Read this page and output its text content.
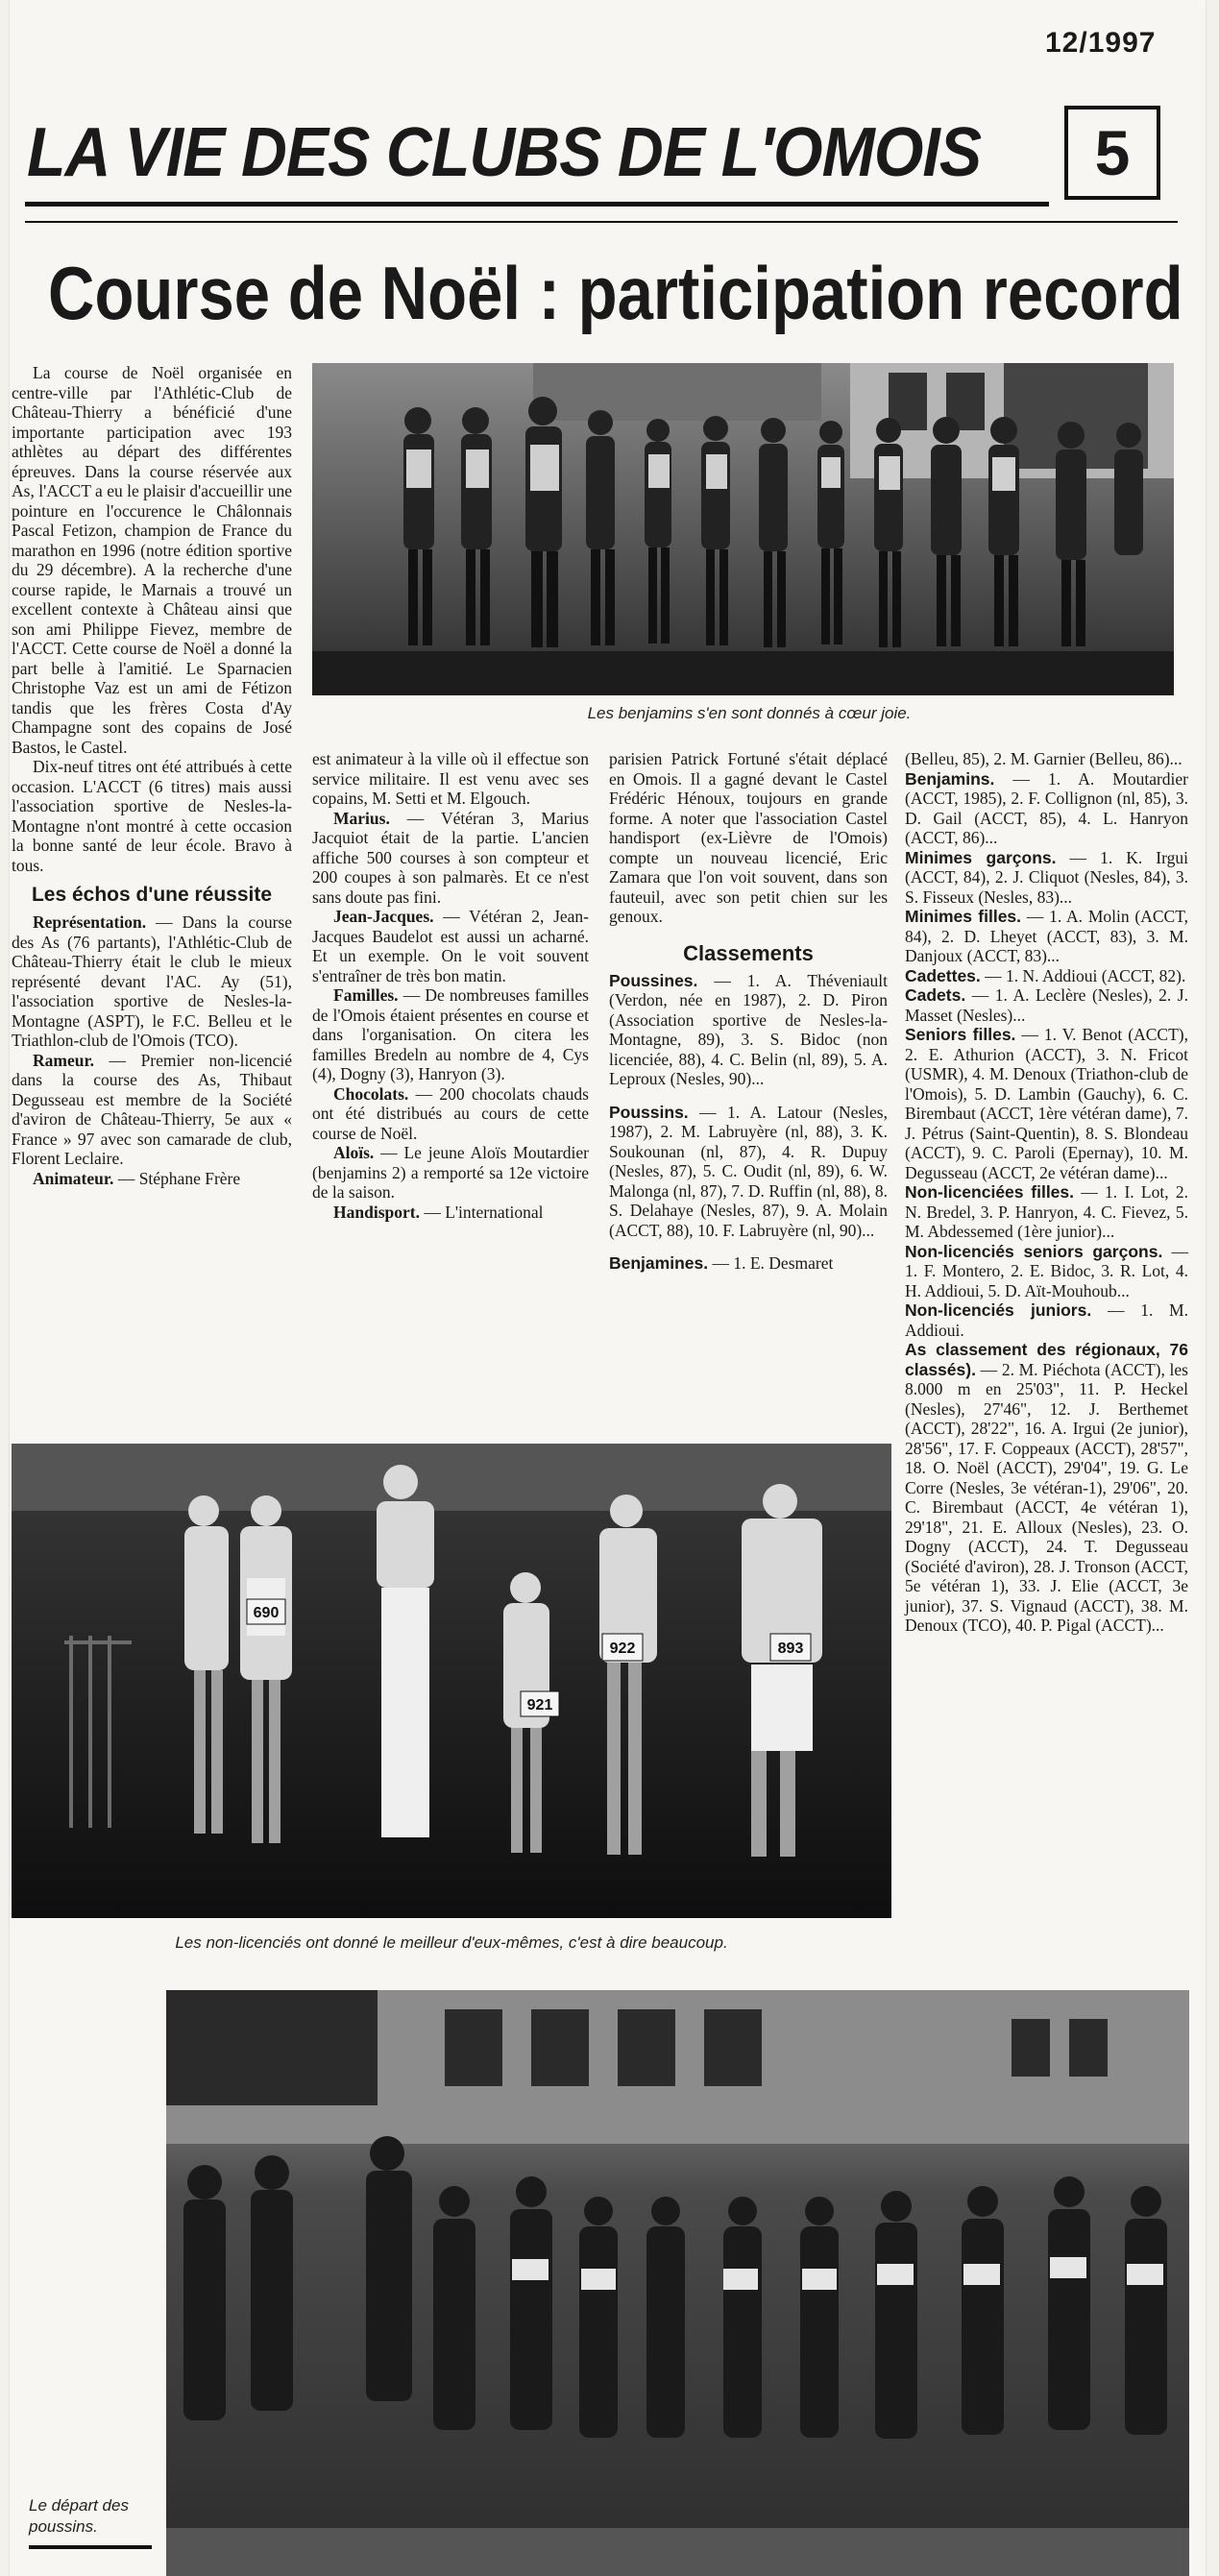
12/1997
LA VIE DES CLUBS DE L'OMOIS	5
Course de Noël : participation record
Les benjamins s'en sont donnés à cœur joie.

La course de Noël organisée en centre-ville par l'Athlétic-Club de Château-Thierry a bénéficié d'une importante participation avec 193 athlètes au départ des différentes épreuves. Dans la course réservée aux As, l'ACCT a eu le plaisir d'accueillir une pointure en l'occurence le Châlonnais Pascal Fetizon, champion de France du marathon en 1996 (notre édition sportive du 29 décembre). A la recherche d'une course rapide, le Marnais a trouvé un excellent contexte à Château ainsi que son ami Philippe Fievez, membre de l'ACCT. Cette course de Noël a donné la part belle à l'amitié. Le Sparnacien Christophe Vaz est un ami de Fétizon tandis que les frères Costa d'Ay Champagne sont des copains de José Bastos, le Castel.

Dix-neuf titres ont été attribués à cette occasion. L'ACCT (6 titres) mais aussi l'association sportive de Nesles-la-Montagne n'ont montré à cette occasion la bonne santé de leur école. Bravo à tous.

Les échos d'une réussite

Représentation. — Dans la course des As (76 partants), l'Athlétic-Club de Château-Thierry était le club le mieux représenté devant l'AC. Ay (51), l'association sportive de Nesles-la-Montagne (ASPT), le F.C. Belleu et le Triathlon-club de l'Omois (TCO).

Rameur. — Premier non-licencié dans la course des As, Thibaut Degusseau est membre de la Société d'aviron de Château-Thierry, 5e aux « France » 97 avec son camarade de club, Florent Leclaire.

Animateur. — Stéphane Frère

est animateur à la ville où il effectue son service militaire. Il est venu avec ses copains, M. Setti et M. Elgouch.

Marius. — Vétéran 3, Marius Jacquiot était de la partie. L'ancien affiche 500 courses à son compteur et 200 coupes à son palmarès. Et ce n'est sans doute pas fini.

Jean-Jacques. — Vétéran 2, Jean-Jacques Baudelot est aussi un acharné. Et un exemple. On le voit souvent s'entraîner de très bon matin.

Familles. — De nombreuses familles de l'Omois étaient présentes en course et dans l'organisation. On citera les familles Bredeln au nombre de 4, Cys (4), Dogny (3), Hanryon (3).

Chocolats. — 200 chocolats chauds ont été distribués au cours de cette course de Noël.

Aloïs. — Le jeune Aloïs Moutardier (benjamins 2) a remporté sa 12e victoire de la saison.

Handisport. — L'international

parisien Patrick Fortuné s'était déplacé en Omois. Il a gagné devant le Castel Frédéric Hénoux, toujours en grande forme. A noter que l'association Castel handisport (ex-Lièvre de l'Omois) compte un nouveau licencié, Eric Zamara que l'on voit souvent, dans son fauteuil, avec son petit chien sur les genoux.

Classements

Poussines. — 1. A. Théveniault (Verdon, née en 1987), 2. D. Piron (Association sportive de Nesles-la-Montagne, 89), 3. S. Bidoc (non licenciée, 88), 4. C. Belin (nl, 89), 5. A. Leproux (Nesles, 90)...

Poussins. — 1. A. Latour (Nesles, 1987), 2. M. Labruyère (nl, 88), 3. K. Soukounan (nl, 87), 4. R. Dupuy (Nesles, 87), 5. C. Oudit (nl, 89), 6. W. Malonga (nl, 87), 7. D. Ruffin (nl, 88), 8. S. Delahaye (Nesles, 87), 9. A. Molain (ACCT, 88), 10. F. Labruyère (nl, 90)...

Benjamines. — 1. E. Desmaret

(Belleu, 85), 2. M. Garnier (Belleu, 86)...

Benjamins. — 1. A. Moutardier (ACCT, 1985), 2. F. Collignon (nl, 85), 3. D. Gail (ACCT, 85), 4. L. Hanryon (ACCT, 86)...

Minimes garçons. — 1. K. Irgui (ACCT, 84), 2. J. Cliquot (Nesles, 84), 3. S. Fisseux (Nesles, 83)...

Minimes filles. — 1. A. Molin (ACCT, 84), 2. D. Lheyet (ACCT, 83), 3. M. Danjoux (ACCT, 83)...

Cadettes. — 1. N. Addioui (ACCT, 82).

Cadets. — 1. A. Leclère (Nesles), 2. J. Masset (Nesles)...

Seniors filles. — 1. V. Benot (ACCT), 2. E. Athurion (ACCT), 3. N. Fricot (USMR), 4. M. Denoux (Triathon-club de l'Omois), 5. D. Lambin (Gauchy), 6. C. Birembaut (ACCT, 1ère vétéran dame), 7. J. Pétrus (Saint-Quentin), 8. S. Blondeau (ACCT), 9. C. Paroli (Epernay), 10. M. Degusseau (ACCT, 2e vétéran dame)...

Non-licenciées filles. — 1. I. Lot, 2. N. Bredel, 3. P. Hanryon, 4. C. Fievez, 5. M. Abdessemed (1ère junior)...

Non-licenciés seniors garçons. — 1. F. Montero, 2. E. Bidoc, 3. R. Lot, 4. H. Addioui, 5. D. Aït-Mouhoub...

Non-licenciés juniors. — 1. M. Addioui.

As classement des régionaux, 76 classés). — 2. M. Piéchota (ACCT), les 8.000 m en 25'03", 11. P. Heckel (Nesles), 27'46", 12. J. Berthemet (ACCT), 28'22", 16. A. Irgui (2e junior), 28'56", 17. F. Coppeaux (ACCT), 28'57", 18. O. Noël (ACCT), 29'04", 19. G. Le Corre (Nesles, 3e vétéran-1), 29'06", 20. C. Birembaut (ACCT, 4e vétéran 1), 29'18", 21. E. Alloux (Nesles), 23. O. Dogny (ACCT), 24. T. Degusseau (Société d'aviron), 28. J. Tronson (ACCT, 5e vétéran 1), 33. J. Elie (ACCT, 3e junior), 37. S. Vignaud (ACCT), 38. M. Denoux (TCO), 40. P. Pigal (ACCT)...

690
921
922	893
Les non-licenciés ont donné le meilleur d'eux-mêmes, c'est à dire beaucoup.
Le départ des poussins.
